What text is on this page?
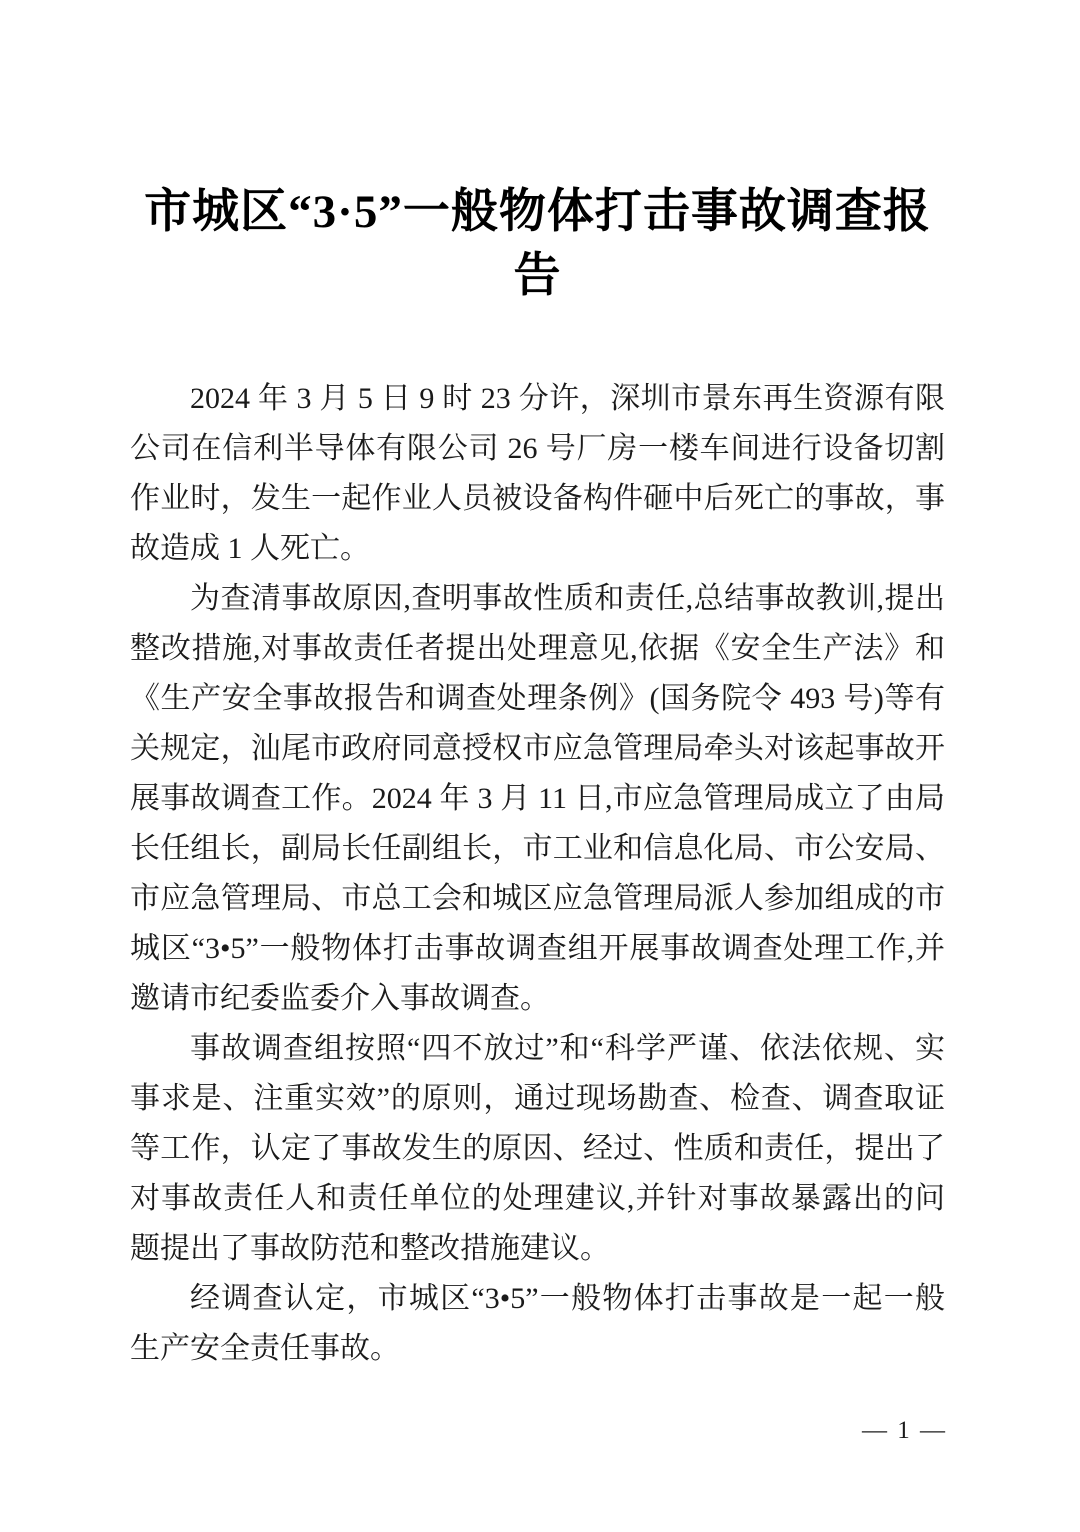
市城区“3·5”一般物体打击事故调查报告

2024 年 3 月 5 日 9 时 23 分许，深圳市景东再生资源有限公司在信利半导体有限公司 26 号厂房一楼车间进行设备切割作业时，发生一起作业人员被设备构件砸中后死亡的事故，事故造成 1 人死亡。

为查清事故原因,查明事故性质和责任,总结事故教训,提出整改措施,对事故责任者提出处理意见,依据《安全生产法》和《生产安全事故报告和调查处理条例》(国务院令 493 号)等有关规定，汕尾市政府同意授权市应急管理局牵头对该起事故开展事故调查工作。2024 年 3 月 11 日,市应急管理局成立了由局长任组长，副局长任副组长，市工业和信息化局、市公安局、市应急管理局、市总工会和城区应急管理局派人参加组成的市城区“3•5”一般物体打击事故调查组开展事故调查处理工作,并邀请市纪委监委介入事故调查。

事故调查组按照“四不放过”和“科学严谨、依法依规、实事求是、注重实效”的原则，通过现场勘查、检查、调查取证等工作，认定了事故发生的原因、经过、性质和责任，提出了对事故责任人和责任单位的处理建议,并针对事故暴露出的问题提出了事故防范和整改措施建议。

经调查认定，市城区“3•5”一般物体打击事故是一起一般生产安全责任事故。

— 1 —
